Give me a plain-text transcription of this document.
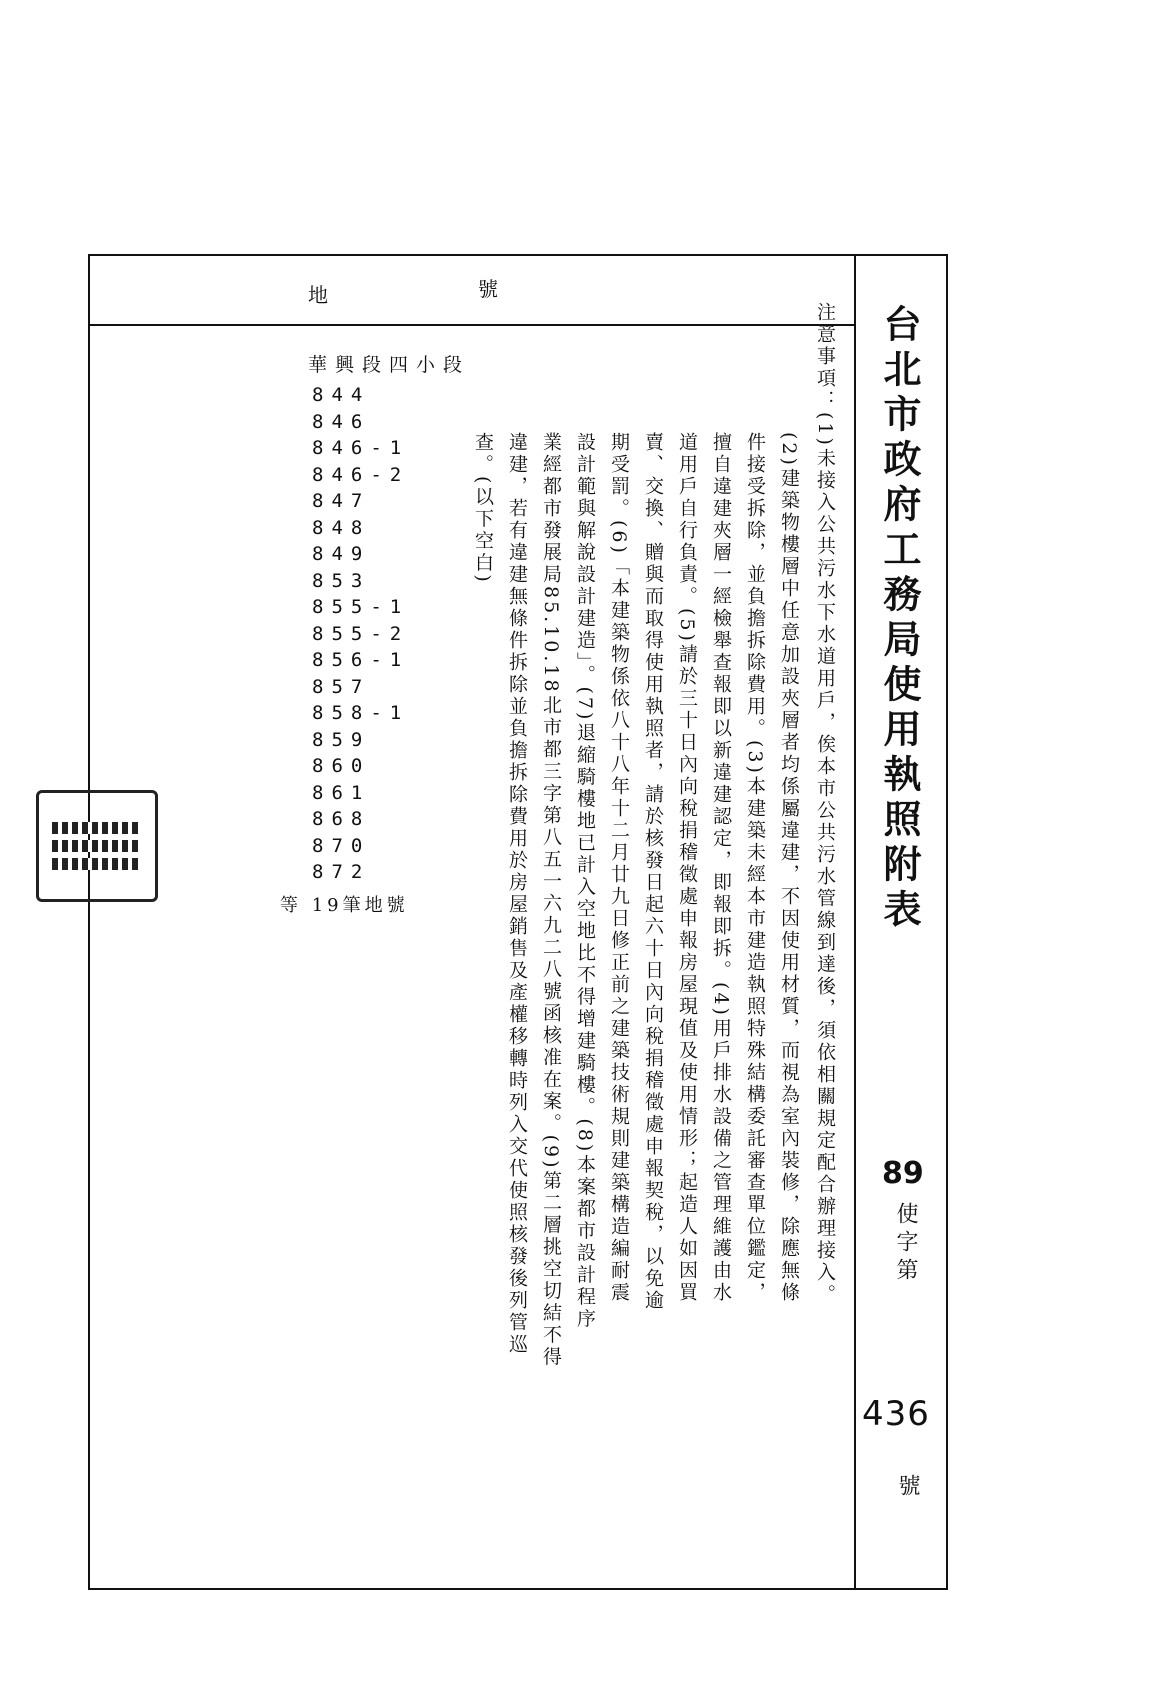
台北市政府工務局使用執照附表
89
使字第
436
號
地	號
華興段四小段
844
846
846-1
846-2
847
848
849
853
855-1
855-2
856-1
857
858-1
859
860
861
868
870
872
等 19筆地號	注意事項：(1)未接入公共污水下水道用戶，俟本市公共污水管線到達後，須依相關規定配合辦理接入。
(2)建築物樓層中任意加設夾層者均係屬違建，不因使用材質，而視為室內裝修，除應無條
件接受拆除，並負擔拆除費用。(3)本建築未經本市建造執照特殊結構委託審查單位鑑定，
擅自違建夾層一經檢舉查報即以新違建認定，即報即拆。(4)用戶排水設備之管理維護由水
道用戶自行負責。(5)請於三十日內向稅捐稽徵處申報房屋現值及使用情形；起造人如因買
賣、交換、贈與而取得使用執照者，請於核發日起六十日內向稅捐稽徵處申報契稅，以免逾
期受罰。(6)「本建築物係依八十八年十二月廿九日修正前之建築技術規則建築構造編耐震
設計範與解說設計建造」。(7)退縮騎樓地已計入空地比不得增建騎樓。(8)本案都市設計程序
業經都市發展局85.10.18北市都三字第八五一六九二八號函核准在案。(9)第二層挑空切結不得
違建，若有違建無條件拆除並負擔拆除費用於房屋銷售及產權移轉時列入交代使照核發後列管巡
查。(以下空白)
